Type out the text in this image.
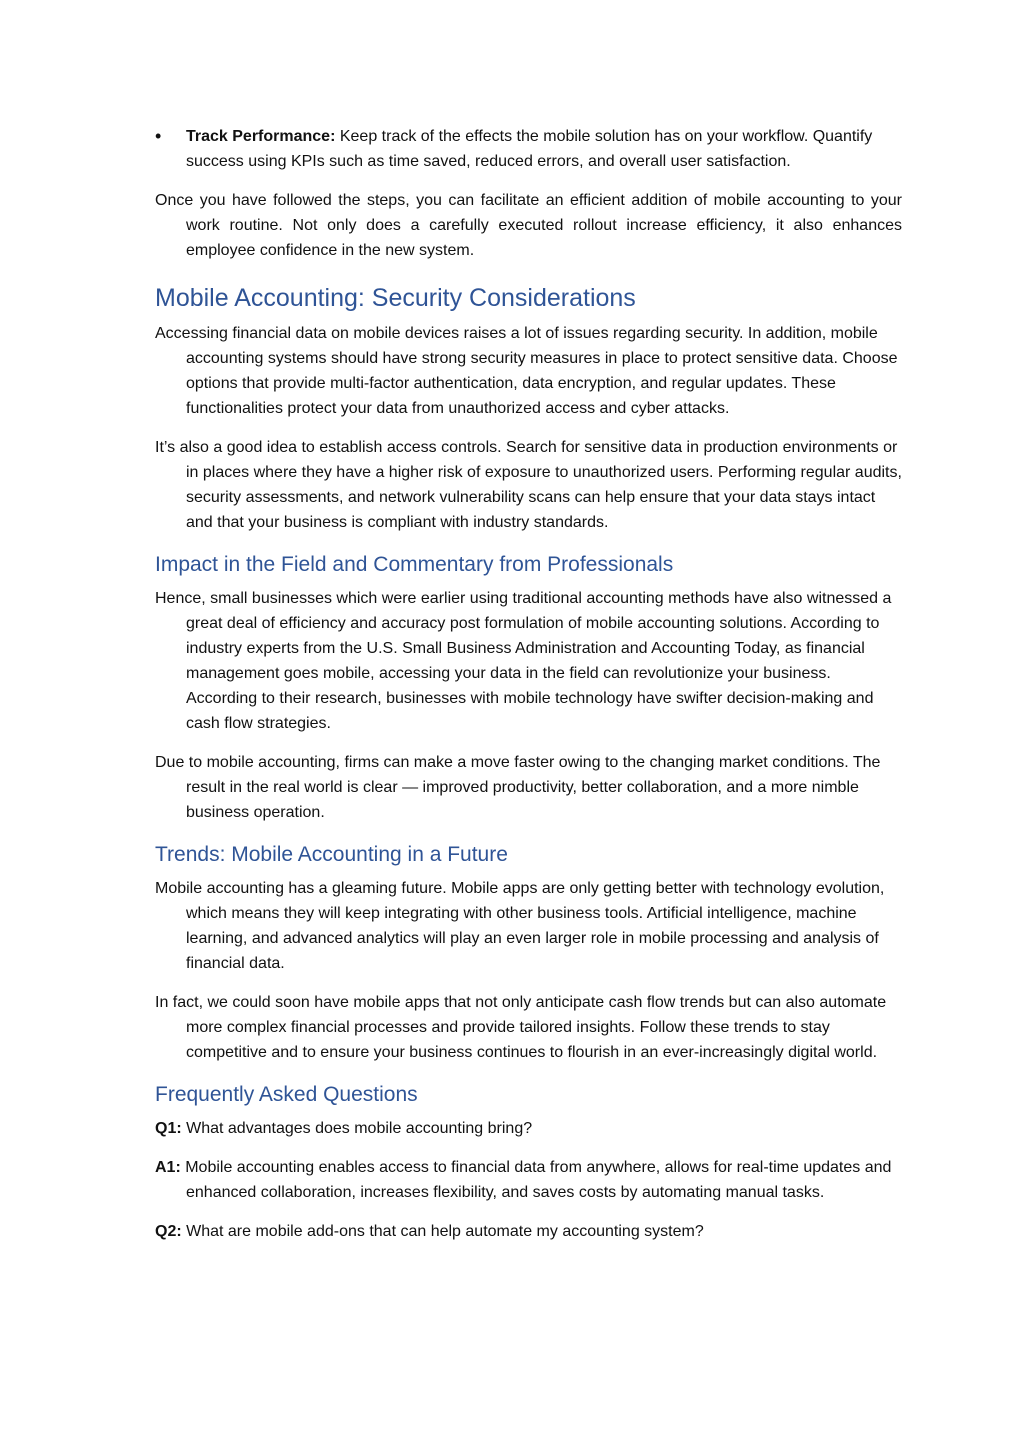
•	Track Performance: Keep track of the effects the mobile solution has on your workflow. Quantify success using KPIs such as time saved, reduced errors, and overall user satisfaction.

Once you have followed the steps, you can facilitate an efficient addition of mobile accounting to your work routine. Not only does a carefully executed rollout increase efficiency, it also enhances employee confidence in the new system.

Mobile Accounting: Security Considerations

Accessing financial data on mobile devices raises a lot of issues regarding security. In addition, mobile accounting systems should have strong security measures in place to protect sensitive data. Choose options that provide multi-factor authentication, data encryption, and regular updates. These functionalities protect your data from unauthorized access and cyber attacks.

It’s also a good idea to establish access controls. Search for sensitive data in production environments or in places where they have a higher risk of exposure to unauthorized users. Performing regular audits, security assessments, and network vulnerability scans can help ensure that your data stays intact and that your business is compliant with industry standards.

Impact in the Field and Commentary from Professionals

Hence, small businesses which were earlier using traditional accounting methods have also witnessed a great deal of efficiency and accuracy post formulation of mobile accounting solutions. According to industry experts from the U.S. Small Business Administration and Accounting Today, as financial management goes mobile, accessing your data in the field can revolutionize your business. According to their research, businesses with mobile technology have swifter decision-making and cash flow strategies.

Due to mobile accounting, firms can make a move faster owing to the changing market conditions. The result in the real world is clear — improved productivity, better collaboration, and a more nimble business operation.

Trends: Mobile Accounting in a Future

Mobile accounting has a gleaming future. Mobile apps are only getting better with technology evolution, which means they will keep integrating with other business tools. Artificial intelligence, machine learning, and advanced analytics will play an even larger role in mobile processing and analysis of financial data.

In fact, we could soon have mobile apps that not only anticipate cash flow trends but can also automate more complex financial processes and provide tailored insights. Follow these trends to stay competitive and to ensure your business continues to flourish in an ever-increasingly digital world.

Frequently Asked Questions

Q1: What advantages does mobile accounting bring?

A1: Mobile accounting enables access to financial data from anywhere, allows for real-time updates and enhanced collaboration, increases flexibility, and saves costs by automating manual tasks.

Q2: What are mobile add-ons that can help automate my accounting system?
